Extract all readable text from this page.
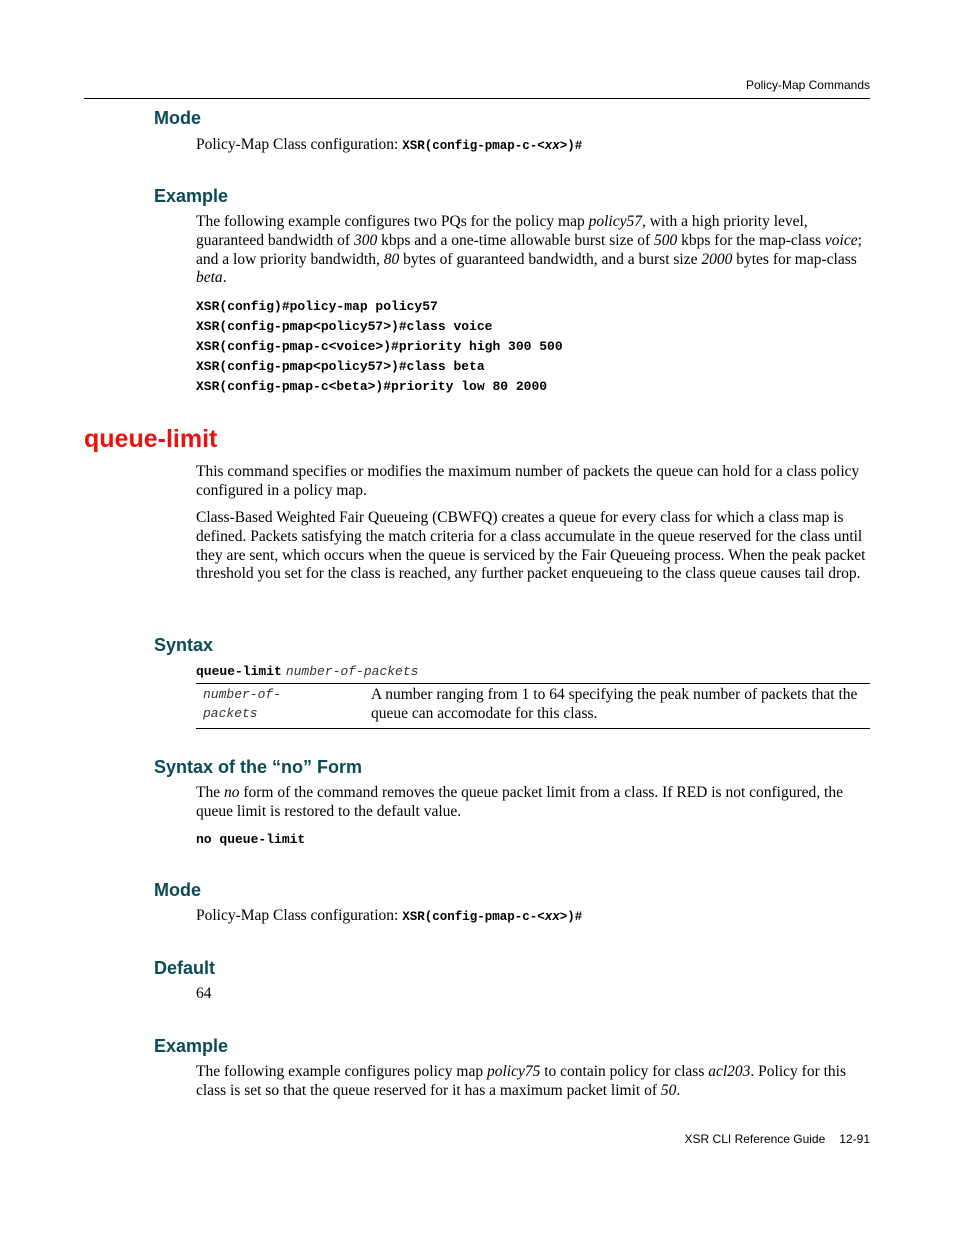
Policy-Map Commands
Mode

Policy-Map Class configuration: XSR(config-pmap-c-<xx>)#

Example

The following example configures two PQs for the policy map policy57, with a high priority level, guaranteed bandwidth of 300 kbps and a one-time allowable burst size of 500 kbps for the map-class voice; and a low priority bandwidth, 80 bytes of guaranteed bandwidth, and a burst size 2000 bytes for map-class beta.

XSR(config)#policy-map policy57
XSR(config-pmap<policy57>)#class voice
XSR(config-pmap-c<voice>)#priority high 300 500
XSR(config-pmap<policy57>)#class beta
XSR(config-pmap-c<beta>)#priority low 80 2000
queue-limit

This command specifies or modifies the maximum number of packets the queue can hold for a class policy configured in a policy map.

Class-Based Weighted Fair Queueing (CBWFQ) creates a queue for every class for which a class map is defined. Packets satisfying the match criteria for a class accumulate in the queue reserved for the class until they are sent, which occurs when the queue is serviced by the Fair Queueing process. When the peak packet threshold you set for the class is reached, any further packet enqueueing to the class queue causes tail drop.

Syntax
queue-limit number-of-packets
number-of-
packets
A number ranging from 1 to 64 specifying the peak number of packets that the queue can accomodate for this class.
Syntax of the “no” Form

The no form of the command removes the queue packet limit from a class. If RED is not configured, the queue limit is restored to the default value.

no queue-limit
Mode

Policy-Map Class configuration: XSR(config-pmap-c-<xx>)#

Default

64

Example

The following example configures policy map policy75 to contain policy for class acl203. Policy for this class is set so that the queue reserved for it has a maximum packet limit of 50.

XSR CLI Reference Guide 12-91
